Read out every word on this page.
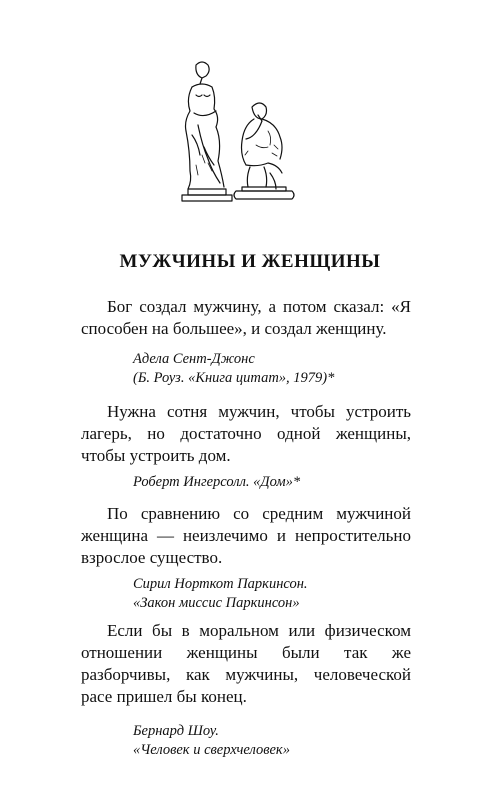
МУЖЧИНЫ И ЖЕНЩИНЫ

Бог создал мужчину, а потом сказал: «Я способен на большее», и создал женщину.

Адела Сент-Джонс
(Б. Роуз. «Книга цитат», 1979)*

Нужна сотня мужчин, чтобы устроить лагерь, но достаточно одной женщины, чтобы устроить дом.

Роберт Ингерсолл. «Дом»*

По сравнению со средним мужчиной женщина — неизлечимо и непростительно взрослое существо.

Сирил Норткот Паркинсон.
«Закон миссис Паркинсон»

Если бы в моральном или физическом отношении женщины были так же разборчивы, как мужчины, человеческой расе пришел бы конец.

Бернард Шоу.
«Человек и сверхчеловек»
